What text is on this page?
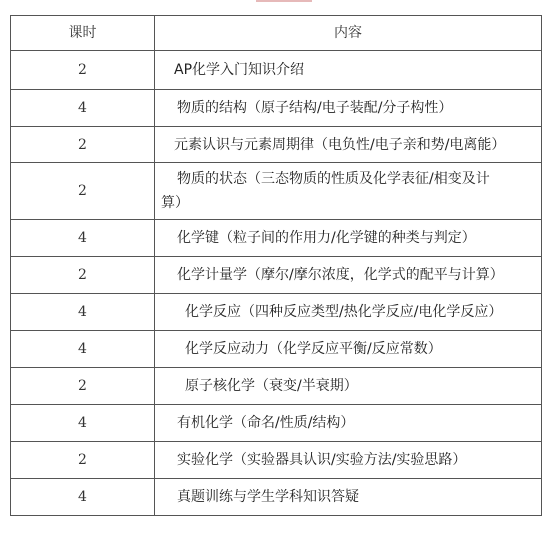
课时	内容
2	AP化学入门知识介绍

4	物质的结构（原子结构/电子装配/分子构性）

2	元素认识与元素周期律（电负性/电子亲和势/电离能）

2	物质的状态（三态物质的性质及化学表征/相变及计
算）

4	化学键（粒子间的作用力/化学键的种类与判定）

2	化学计量学（摩尔/摩尔浓度，化学式的配平与计算）

4	化学反应（四种反应类型/热化学反应/电化学反应）

4	化学反应动力（化学反应平衡/反应常数）

2	原子核化学（衰变/半衰期）

4	有机化学（命名/性质/结构）

2	实验化学（实验器具认识/实验方法/实验思路）

4	真题训练与学生学科知识答疑
